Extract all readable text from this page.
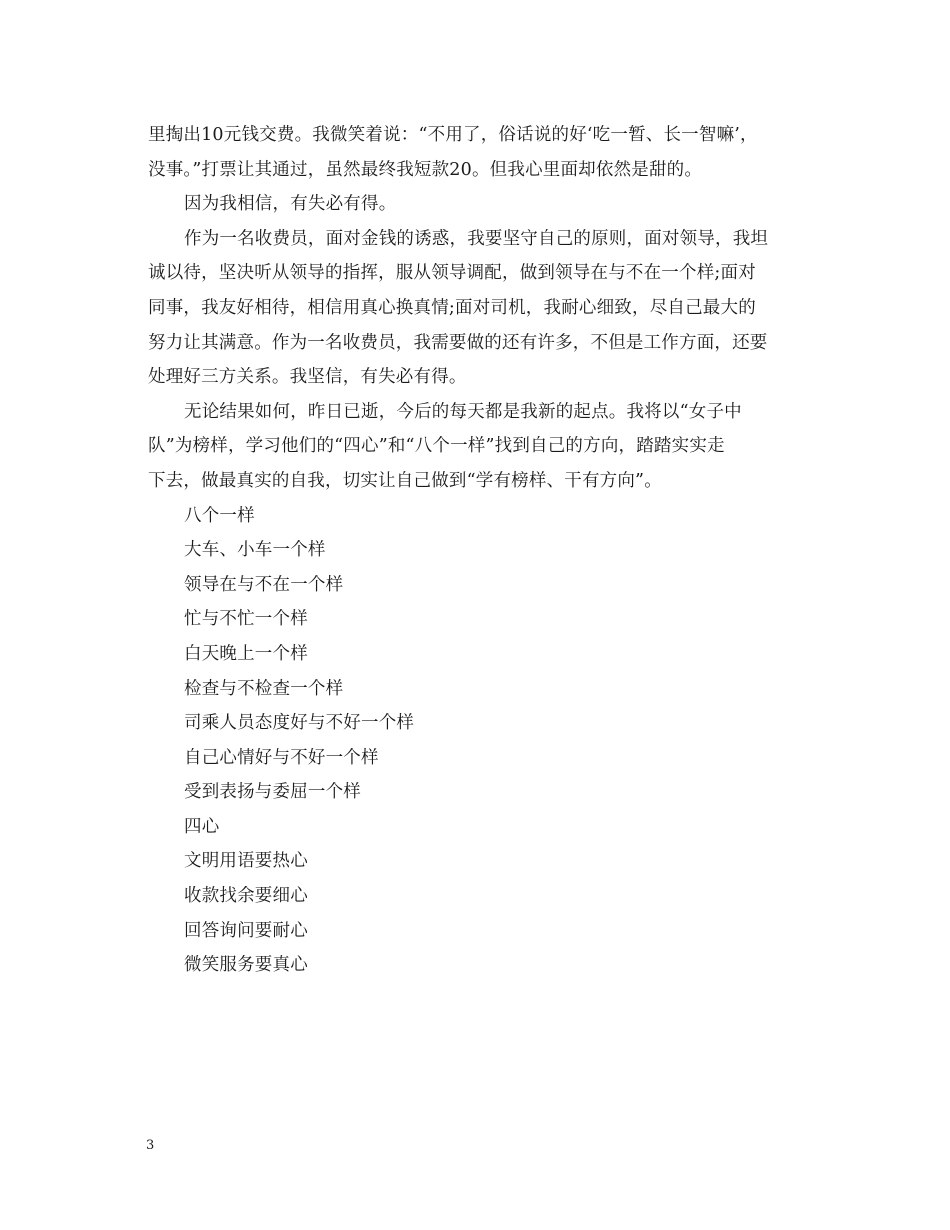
里掏出10元钱交费。我微笑着说：“不用了，俗话说的好‘吃一暂、长一智嘛’，
没事。”打票让其通过，虽然最终我短款20。但我心里面却依然是甜的。
因为我相信，有失必有得。
作为一名收费员，面对金钱的诱惑，我要坚守自己的原则，面对领导，我坦
诚以待，坚决听从领导的指挥，服从领导调配，做到领导在与不在一个样;面对
同事，我友好相待，相信用真心换真情;面对司机，我耐心细致，尽自己最大的
努力让其满意。作为一名收费员，我需要做的还有许多，不但是工作方面，还要
处理好三方关系。我坚信，有失必有得。
无论结果如何，昨日已逝，今后的每天都是我新的起点。我将以“女子中
队”为榜样，学习他们的“四心”和“八个一样”找到自己的方向，踏踏实实走
下去，做最真实的自我，切实让自己做到“学有榜样、干有方向”。
八个一样
大车、小车一个样
领导在与不在一个样
忙与不忙一个样
白天晚上一个样
检查与不检查一个样
司乘人员态度好与不好一个样
自己心情好与不好一个样
受到表扬与委屈一个样
四心
文明用语要热心
收款找余要细心
回答询问要耐心
微笑服务要真心
3
